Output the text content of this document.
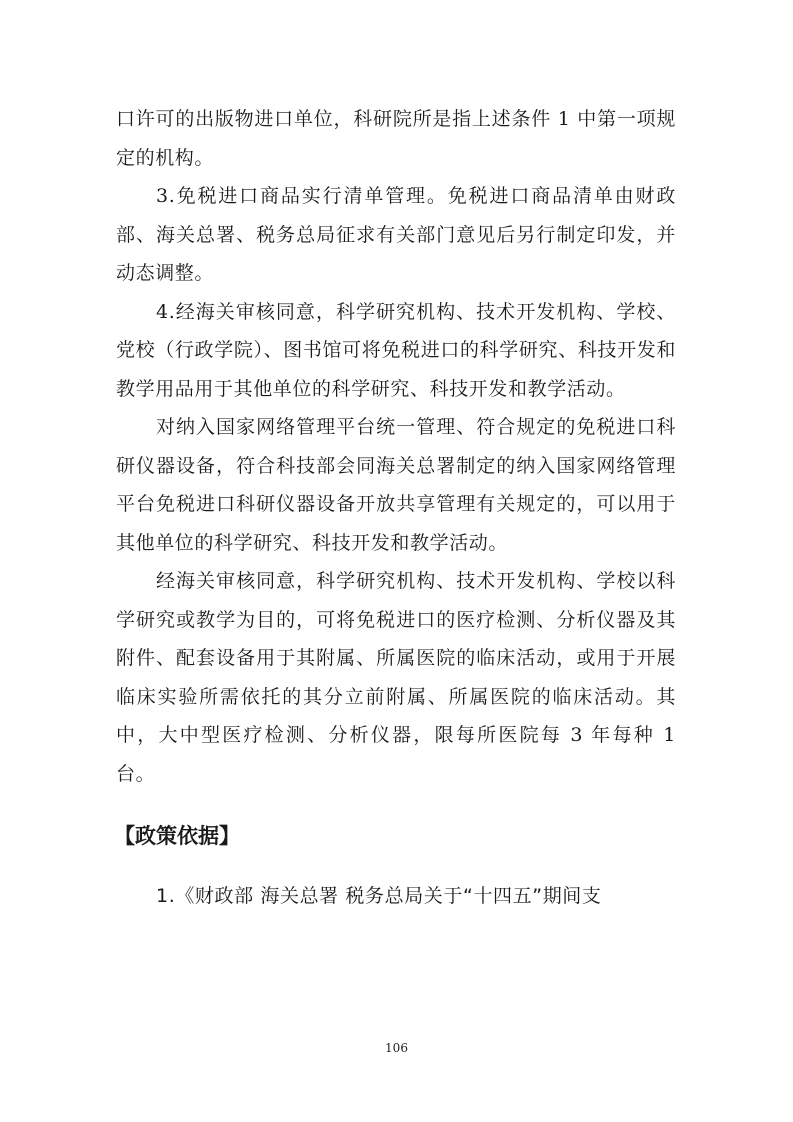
口许可的出版物进口单位，科研院所是指上述条件 1 中第一项规定的机构。

3.免税进口商品实行清单管理。免税进口商品清单由财政部、海关总署、税务总局征求有关部门意见后另行制定印发，并动态调整。

4.经海关审核同意，科学研究机构、技术开发机构、学校、党校（行政学院）、图书馆可将免税进口的科学研究、科技开发和教学用品用于其他单位的科学研究、科技开发和教学活动。

对纳入国家网络管理平台统一管理、符合规定的免税进口科研仪器设备，符合科技部会同海关总署制定的纳入国家网络管理平台免税进口科研仪器设备开放共享管理有关规定的，可以用于其他单位的科学研究、科技开发和教学活动。

经海关审核同意，科学研究机构、技术开发机构、学校以科学研究或教学为目的，可将免税进口的医疗检测、分析仪器及其附件、配套设备用于其附属、所属医院的临床活动，或用于开展临床实验所需依托的其分立前附属、所属医院的临床活动。其中，大中型医疗检测、分析仪器，限每所医院每 3 年每种 1 台。

【政策依据】

1.《财政部 海关总署 税务总局关于“十四五”期间支

106
